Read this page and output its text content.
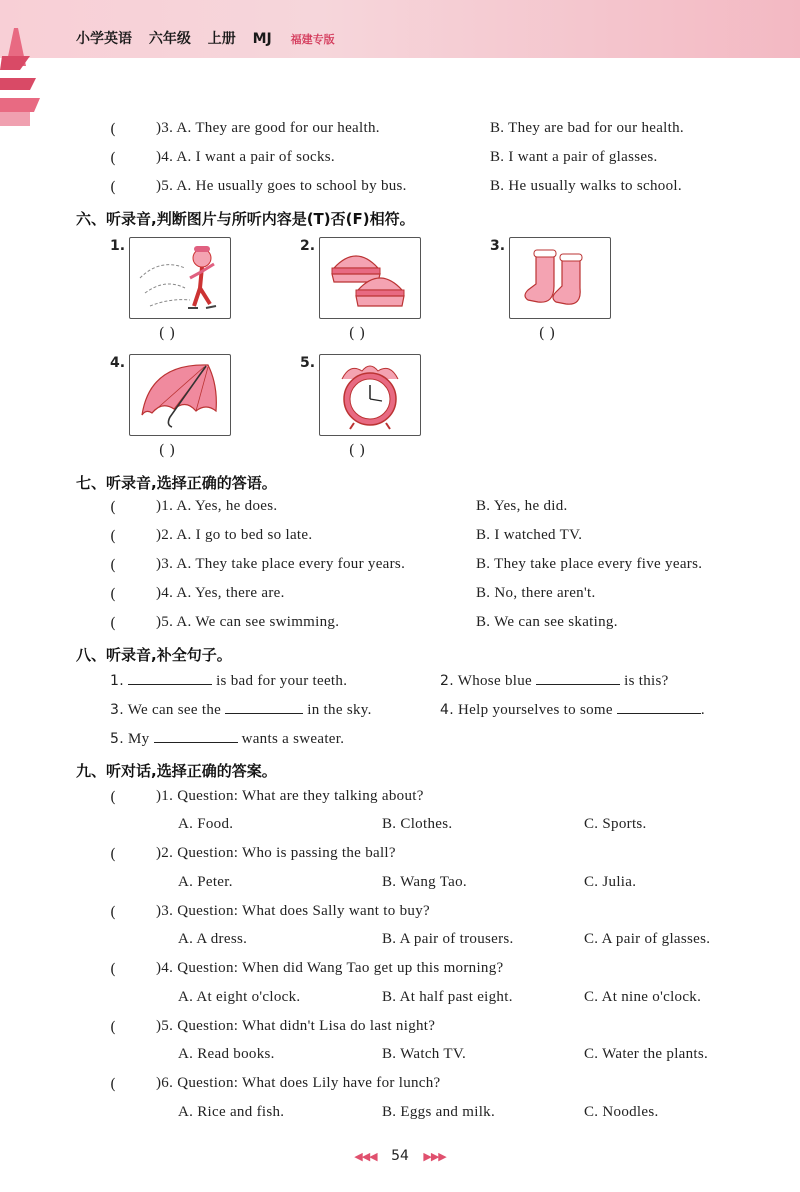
小学英语 六年级 上册 MJ 福建专版
(	)3. A. They are good for our health.	B. They are bad for our health.
(	)4. A. I want a pair of socks.	B. I want a pair of glasses.
(	)5. A. He usually goes to school by bus.	B. He usually walks to school.
六、听录音,判断图片与所听内容是(T)否(F)相符。
1.
( )
2.
( )
3.
( )
4.
( )
5.
( )
七、听录音,选择正确的答语。
(	)1. A. Yes, he does.	B. Yes, he did.
(	)2. A. I go to bed so late.	B. I watched TV.
(	)3. A. They take place every four years.	B. They take place every five years.
(	)4. A. Yes, there are.	B. No, there aren't.
(	)5. A. We can see swimming.	B. We can see skating.
八、听录音,补全句子。
1.	is bad for your teeth.	2. Whose blue	is this?
3. We can see the	in the sky.	4. Help yourselves to some	.
5. My	wants a sweater.
九、听对话,选择正确的答案。
(	)1. Question: What are they talking about?
A. Food.	B. Clothes.	C. Sports.
(	)2. Question: Who is passing the ball?
A. Peter.	B. Wang Tao.	C. Julia.
(	)3. Question: What does Sally want to buy?
A. A dress.	B. A pair of trousers.	C. A pair of glasses.
(	)4. Question: When did Wang Tao get up this morning?
A. At eight o'clock.	B. At half past eight.	C. At nine o'clock.
(	)5. Question: What didn't Lisa do last night?
A. Read books.	B. Watch TV.	C. Water the plants.
(	)6. Question: What does Lily have for lunch?
A. Rice and fish.	B. Eggs and milk.	C. Noodles.
◀◀◀ 54 ▶▶▶
